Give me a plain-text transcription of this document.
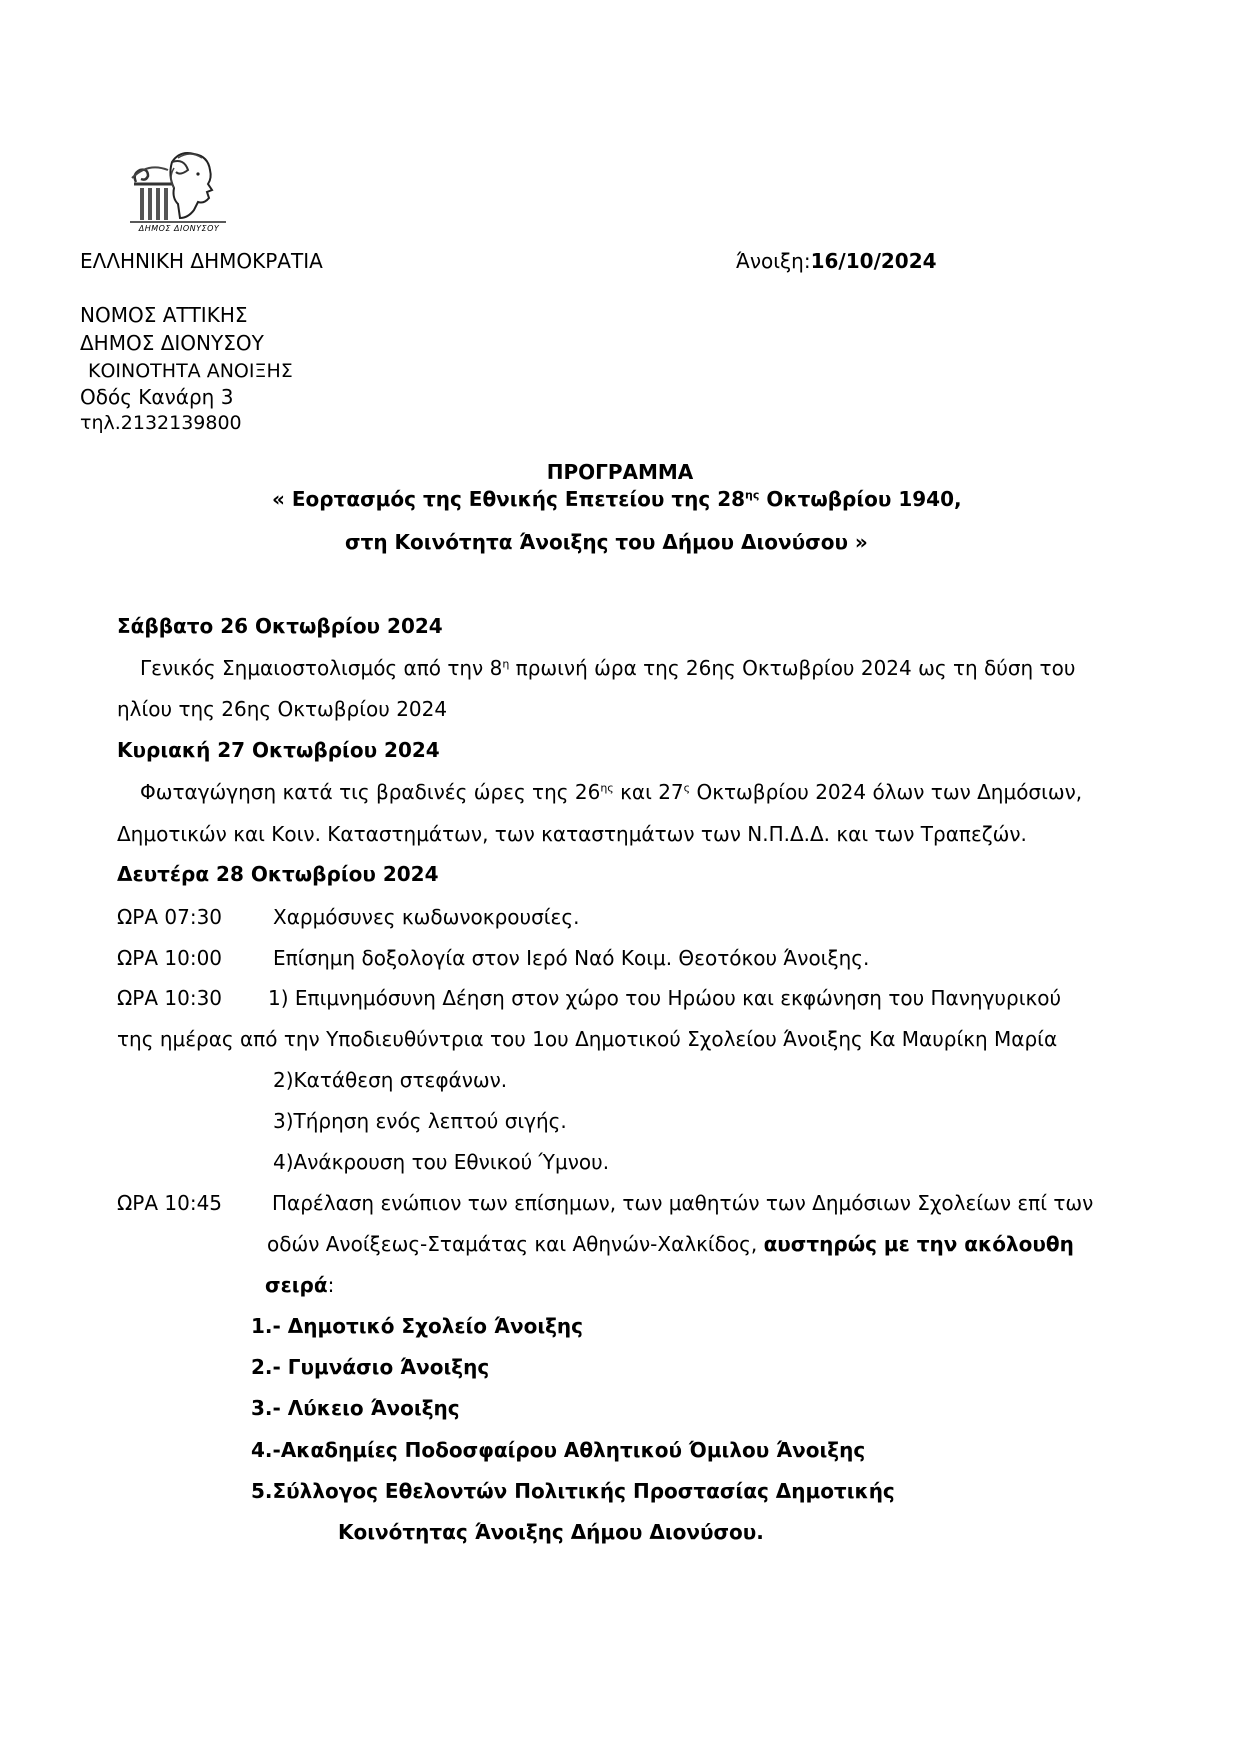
ΔΗΜΟΣ ΔΙΟΝΥΣΟΥ
ΕΛΛΗΝΙΚΗ ΔΗΜΟΚΡΑΤΙΑ	Άνοιξη:16/10/2024
ΝΟΜΟΣ ΑΤΤΙΚΗΣ
ΔΗΜΟΣ ΔΙΟΝΥΣΟΥ
ΚΟΙΝΟΤΗΤΑ ΑΝΟΙΞΗΣ
Οδός Κανάρη 3
τηλ.2132139800
ΠΡΟΓΡΑΜΜΑ
« Εορτασμός της Εθνικής Επετείου της $28^{\eta\varsigma}$ Οκτωβρίου 1940,
στη Κοινότητα Άνοιξης του Δήμου Διονύσου »
Σάββατο 26 Οκτωβρίου 2024
Γενικός Σημαιοστολισμός από την $8^\eta$ πρωινή ώρα της 26ης Οκτωβρίου 2024 ως τη δύση του
ηλίου της 26ης Οκτωβρίου 2024
Κυριακή 27 Οκτωβρίου 2024
Φωταγώγηση κατά τις βραδινές ώρες της $26^{\eta\varsigma}$ και $27^\varsigma$ Οκτωβρίου 2024 όλων των Δημόσιων,
Δημοτικών και Κοιν. Καταστημάτων, των καταστημάτων των Ν.Π.Δ.Δ. και των Τραπεζών.
Δευτέρα 28 Οκτωβρίου 2024
ΩΡΑ 07:30	Χαρμόσυνες κωδωνοκρουσίες.
ΩΡΑ 10:00	Επίσημη δοξολογία στον Ιερό Ναό Κοιμ. Θεοτόκου Άνοιξης.
ΩΡΑ 10:30 1) Επιμνημόσυνη Δέηση στον χώρο του Ηρώου και εκφώνηση του Πανηγυρικού
της ημέρας από την Υποδιευθύντρια του 1ου Δημοτικού Σχολείου Άνοιξης Κα Μαυρίκη Μαρία
2)Κατάθεση στεφάνων.
3)Τήρηση ενός λεπτού σιγής.
4)Ανάκρουση του Εθνικού Ύμνου.
ΩΡΑ 10:45 Παρέλαση ενώπιον των επίσημων, των μαθητών των Δημόσιων Σχολείων επί των
οδών Ανοίξεως-Σταμάτας και Αθηνών-Χαλκίδος, αυστηρώς με την ακόλουθη
σειρά:
1.- Δημοτικό Σχολείο Άνοιξης
2.- Γυμνάσιο Άνοιξης
3.- Λύκειο Άνοιξης
4.-Ακαδημίες Ποδοσφαίρου Αθλητικού Όμιλου Άνοιξης
5.Σύλλογος Εθελοντών Πολιτικής Προστασίας Δημοτικής
Κοινότητας Άνοιξης Δήμου Διονύσου.
